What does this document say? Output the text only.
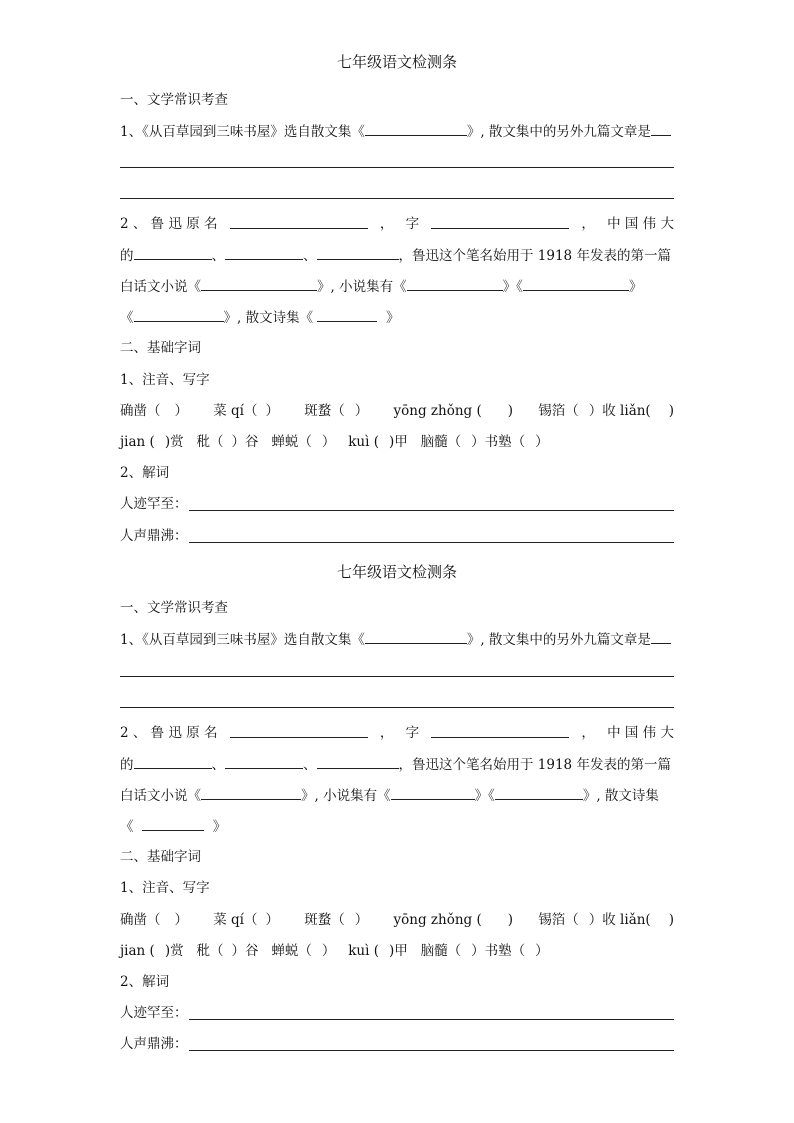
七年级语文检测条
一、文学常识考查
1、《从百草园到三味书屋》选自散文集《	》, 散文集中的另外九篇文章是
2 、 鲁 迅 原 名	， 字	， 中 国 伟 大
的	、	、	，鲁迅这个笔名始用于 1918 年发表的第一篇
白话文小说《	》, 小说集有《	》《	》
《	》, 散文诗集《	》
二、基础字词
1、注音、写字
确凿（ ） 菜 qí（ ） 斑蝥（ ） yōng zhǒng ( ) 锡箔（ ）收 liǎn( )
jian ( )赏 秕（ ）谷 蝉蜕（ ） kuì ( )甲 脑髓（ ）书塾（ ）
2、解词
人迹罕至：
人声鼎沸：
七年级语文检测条
一、文学常识考查
1、《从百草园到三味书屋》选自散文集《	》, 散文集中的另外九篇文章是
2 、 鲁 迅 原 名	， 字	， 中 国 伟 大
的	、	、	，鲁迅这个笔名始用于 1918 年发表的第一篇
白话文小说《	》, 小说集有《	》《	》, 散文诗集
《	》
二、基础字词
1、注音、写字
确凿（ ） 菜 qí（ ） 斑蝥（ ） yōng zhǒng ( ) 锡箔（ ）收 liǎn( )
jian ( )赏 秕（ ）谷 蝉蜕（ ） kuì ( )甲 脑髓（ ）书塾（ ）
2、解词
人迹罕至：
人声鼎沸：
